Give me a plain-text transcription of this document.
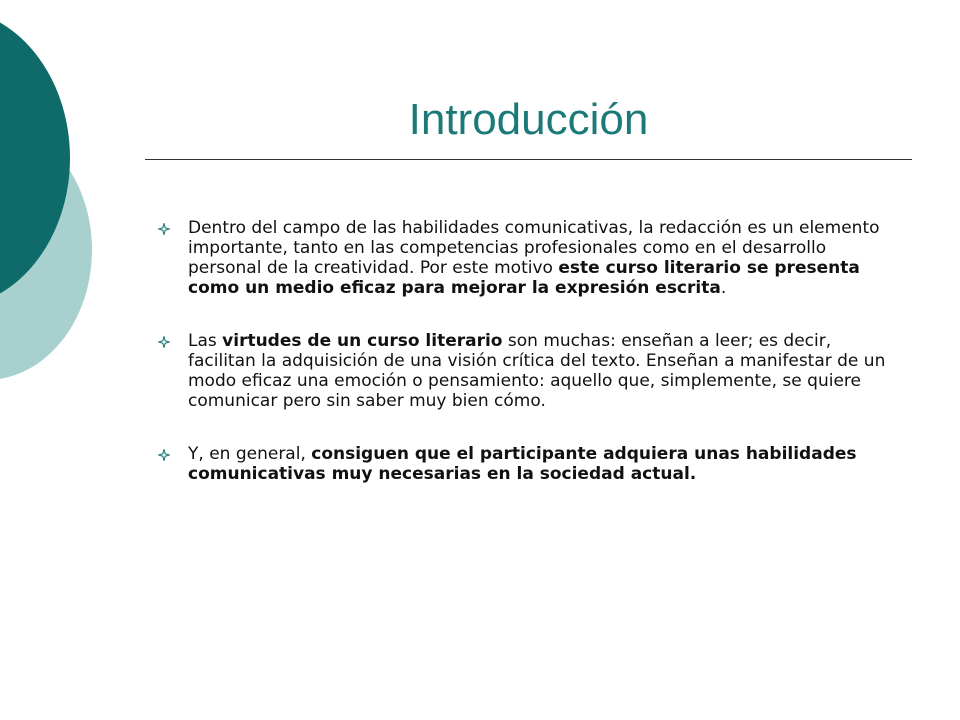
Introducción
Dentro del campo de las habilidades comunicativas, la redacción es un elemento importante, tanto en las competencias profesionales como en el desarrollo personal de la creatividad. Por este motivo este curso literario se presenta como un medio eficaz para mejorar la expresión escrita.
Las virtudes de un curso literario son muchas: enseñan a leer; es decir, facilitan la adquisición de una visión crítica del texto. Enseñan a manifestar de un modo eficaz una emoción o pensamiento: aquello que, simplemente, se quiere comunicar pero sin saber muy bien cómo.
Y, en general, consiguen que el participante adquiera unas habilidades comunicativas muy necesarias en la sociedad actual.
